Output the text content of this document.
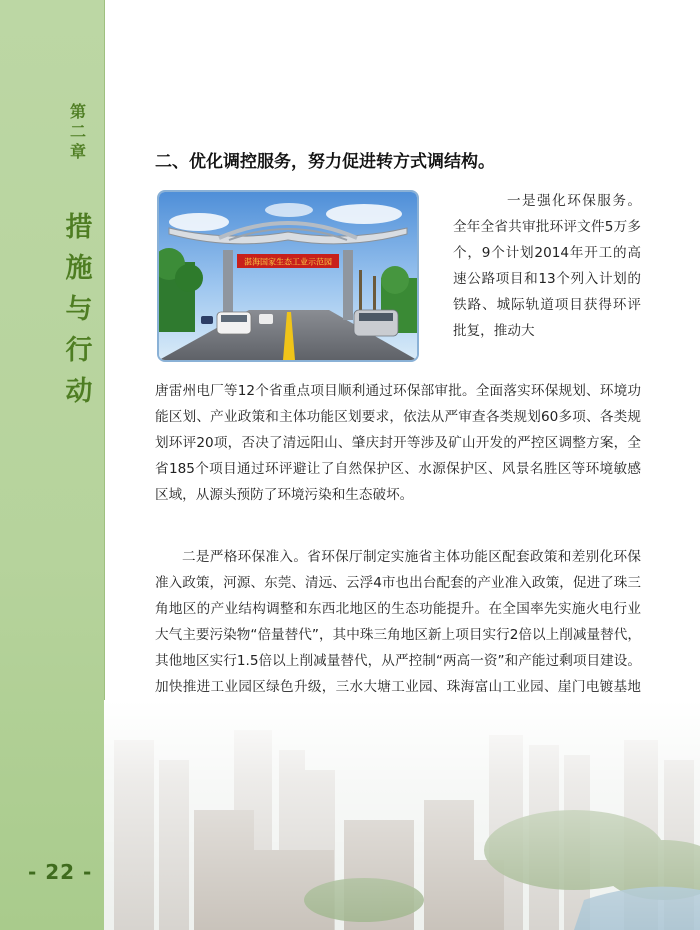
第二章
措施与行动
- 22 -
二、优化调控服务，努力促进转方式调结构。
湛海国家生态工业示范园
一是强化环保服务。全年全省共审批环评文件5万多个，9个计划2014年开工的高速公路项目和13个列入计划的铁路、城际轨道项目获得环评批复，推动大
唐雷州电厂等12个省重点项目顺利通过环保部审批。全面落实环保规划、环境功能区划、产业政策和主体功能区划要求，依法从严审查各类规划60多项、各类规划环评20项，否决了清远阳山、肇庆封开等涉及矿山开发的严控区调整方案，全省185个项目通过环评避让了自然保护区、水源保护区、风景名胜区等环境敏感区域，从源头预防了环境污染和生态破坏。
二是严格环保准入。省环保厅制定实施省主体功能区配套政策和差别化环保准入政策，河源、东莞、清远、云浮4市也出台配套的产业准入政策，促进了珠三角地区的产业结构调整和东西北地区的生态功能提升。在全国率先实施火电行业大气主要污染物“倍量替代”，其中珠三角地区新上项目实行2倍以上削减量替代，其他地区实行1.5倍以上削减量替代，从严控制“两高一资”和产能过剩项目建设。加快推进工业园区绿色升级，三水大塘工业园、珠海富山工业园、崖门电镀基地
